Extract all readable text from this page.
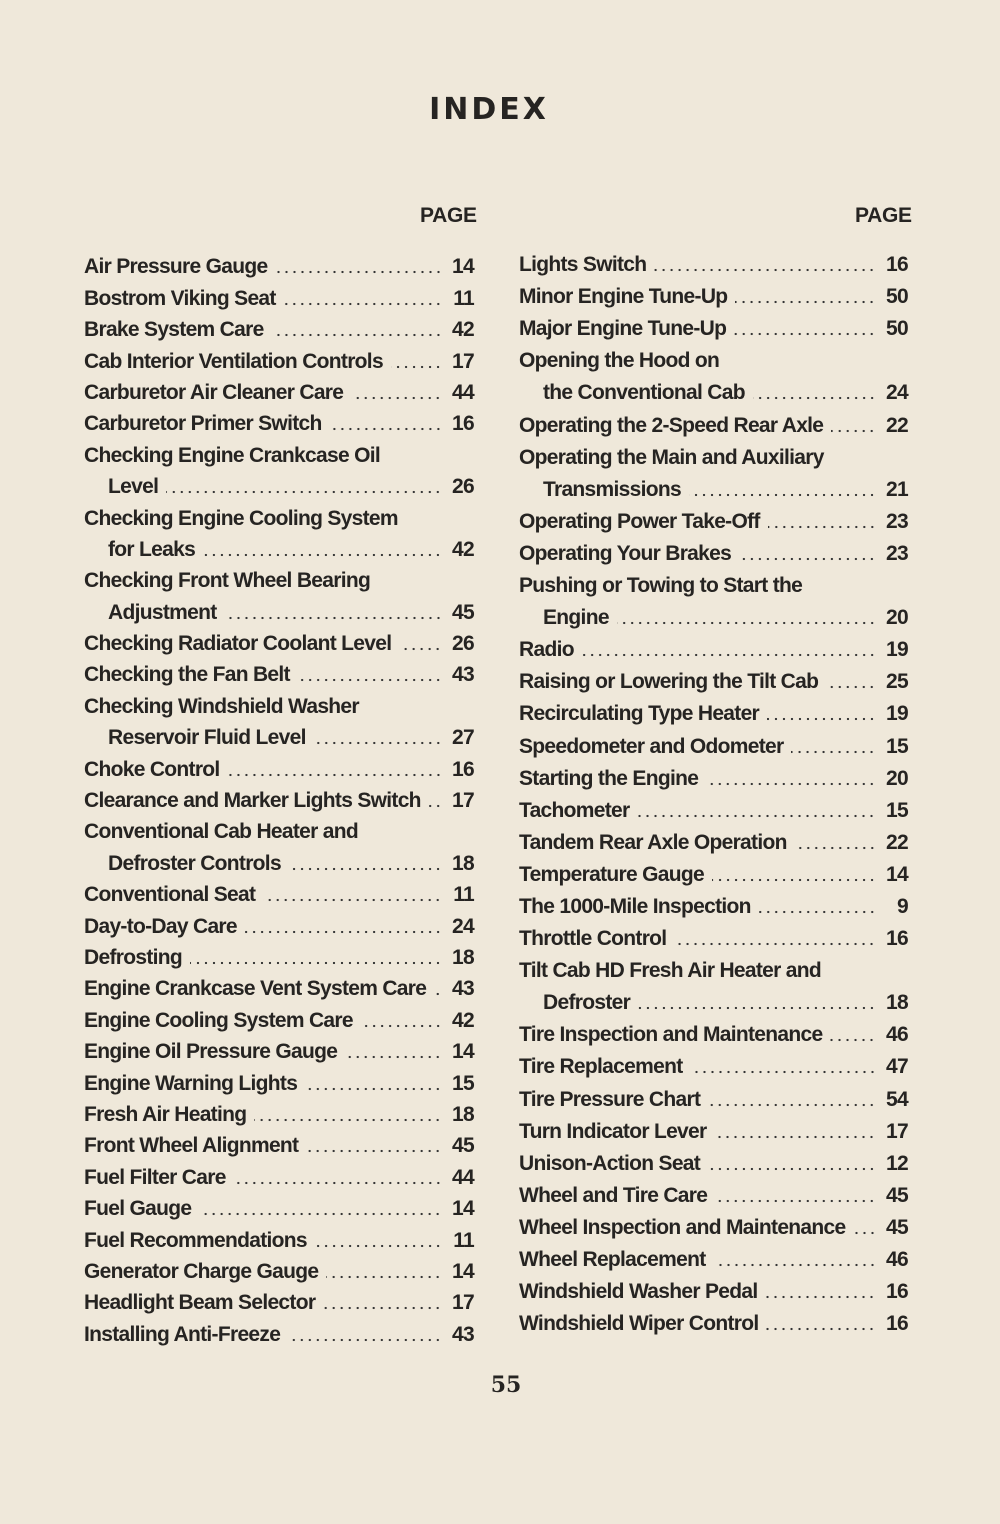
INDEX
PAGE	PAGE
Air Pressure Gauge	14
Bostrom Viking Seat	11
Brake System Care	42
Cab Interior Ventilation Controls	17
Carburetor Air Cleaner Care	44
Carburetor Primer Switch	16
Checking Engine Crankcase Oil
Level	26
Checking Engine Cooling System
for Leaks	42
Checking Front Wheel Bearing
Adjustment	45
Checking Radiator Coolant Level	26
Checking the Fan Belt	43
Checking Windshield Washer
Reservoir Fluid Level	27
Choke Control	16
Clearance and Marker Lights Switch 17
Conventional Cab Heater and
Defroster Controls	18
Conventional Seat	11
Day-to-Day Care	24
Defrosting	18
Engine Crankcase Vent System Care 43
Engine Cooling System Care	42
Engine Oil Pressure Gauge	14
Engine Warning Lights	15
Fresh Air Heating	18
Front Wheel Alignment	45
Fuel Filter Care	44
Fuel Gauge	14
Fuel Recommendations	11
Generator Charge Gauge	14
Headlight Beam Selector	17
Installing Anti-Freeze	43
Lights Switch	16
Minor Engine Tune-Up	50
Major Engine Tune-Up	50
Opening the Hood on
the Conventional Cab	24
Operating the 2-Speed Rear Axle	22
Operating the Main and Auxiliary
Transmissions	21
Operating Power Take-Off	23
Operating Your Brakes	23
Pushing or Towing to Start the
Engine	20
Radio	19
Raising or Lowering the Tilt Cab	25
Recirculating Type Heater	19
Speedometer and Odometer	15
Starting the Engine	20
Tachometer	15
Tandem Rear Axle Operation	22
Temperature Gauge	14
The 1000-Mile Inspection	9
Throttle Control	16
Tilt Cab HD Fresh Air Heater and
Defroster	18
Tire Inspection and Maintenance	46
Tire Replacement	47
Tire Pressure Chart	54
Turn Indicator Lever	17
Unison-Action Seat	12
Wheel and Tire Care	45
Wheel Inspection and Maintenance 45
Wheel Replacement	46
Windshield Washer Pedal	16
Windshield Wiper Control	16
55
